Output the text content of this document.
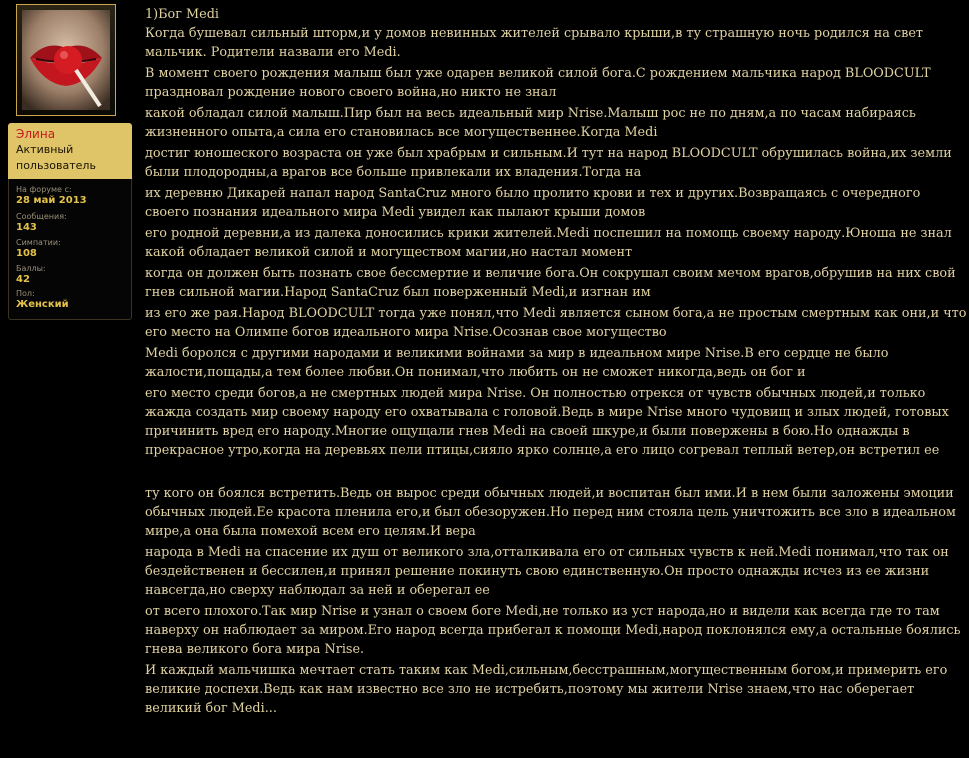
Элина
Активный пользователь
На форуме с:
28 май 2013
Сообщения:
143
Симпатии:
108
Баллы:
42
Пол:
Женский
1)Бог Medi

Когда бушевал сильный шторм,и у домов невинных жителей срывало крыши,в ту страшную ночь родился на свет мальчик. Родители назвали его Medi.

В момент своего рождения малыш был уже одарен великой силой бога.С рождением мальчика народ BLOODCULT праздновал рождение нового своего война,но никто не знал

какой обладал силой малыш.Пир был на весь идеальный мир Nrise.Малыш рос не по дням,а по часам набираясь жизненного опыта,а сила его становилась все могущественнее.Когда Medi

достиг юношеского возраста он уже был храбрым и сильным.И тут на народ BLOODCULT обрушилась война,их земли были плодородны,а врагов все больше привлекали их владения.Тогда на

их деревню Дикарей напал народ SantaCruz много было пролито крови и тех и других.Возвращаясь с очередного своего познания идеального мира Medi увидел как пылают крыши домов

его родной деревни,а из далека доносились крики жителей.Medi поспешил на помощь своему народу.Юноша не знал какой обладает великой силой и могуществом магии,но настал момент

когда он должен быть познать свое бессмертие и величие бога.Он сокрушал своим мечом врагов,обрушив на них свой гнев сильной магии.Народ SantaCruz был поверженный Medi,и изгнан им

из его же рая.Народ BLOODCULT тогда уже понял,что Medi является сыном бога,а не простым смертным как они,и что его место на Олимпе богов идеального мира Nrise.Осознав свое могущество

Medi боролся с другими народами и великими войнами за мир в идеальном мире Nrise.В его сердце не было жалости,пощады,а тем более любви.Он понимал,что любить он не сможет никогда,ведь он бог и

его место среди богов,а не смертных людей мира Nrise. Он полностью отрекся от чувств обычных людей,и только жажда создать мир своему народу его охватывала с головой.Ведь в мире Nrise много чудовищ и злых людей, готовых причинить вред его народу.Многие ощущали гнев Medi на своей шкуре,и были повержены в бою.Но однажды в прекрасное утро,когда на деревьях пели птицы,сияло ярко солнце,а его лицо согревал теплый ветер,он встретил ее

ту кого он боялся встретить.Ведь он вырос среди обычных людей,и воспитан был ими.И в нем были заложены эмоции обычных людей.Ее красота пленила его,и был обезоружен.Но перед ним стояла цель уничтожить все зло в идеальном мире,а она была помехой всем его целям.И вера

народа в Medi на спасение их душ от великого зла,отталкивала его от сильных чувств к ней.Medi понимал,что так он бездейственен и бессилен,и принял решение покинуть свою единственную.Он просто однажды исчез из ее жизни навсегда,но сверху наблюдал за ней и оберегал ее

от всего плохого.Так мир Nrise и узнал о своем боге Medi,не только из уст народа,но и видели как всегда где то там наверху он наблюдает за миром.Его народ всегда прибегал к помощи Medi,народ поклонялся ему,а остальные боялись гнева великого бога мира Nrise.

И каждый мальчишка мечтает стать таким как Medi,сильным,бесстрашным,могущественным богом,и примерить его великие доспехи.Ведь как нам известно все зло не истребить,поэтому мы жители Nrise знаем,что нас оберегает великий бог Medi...
